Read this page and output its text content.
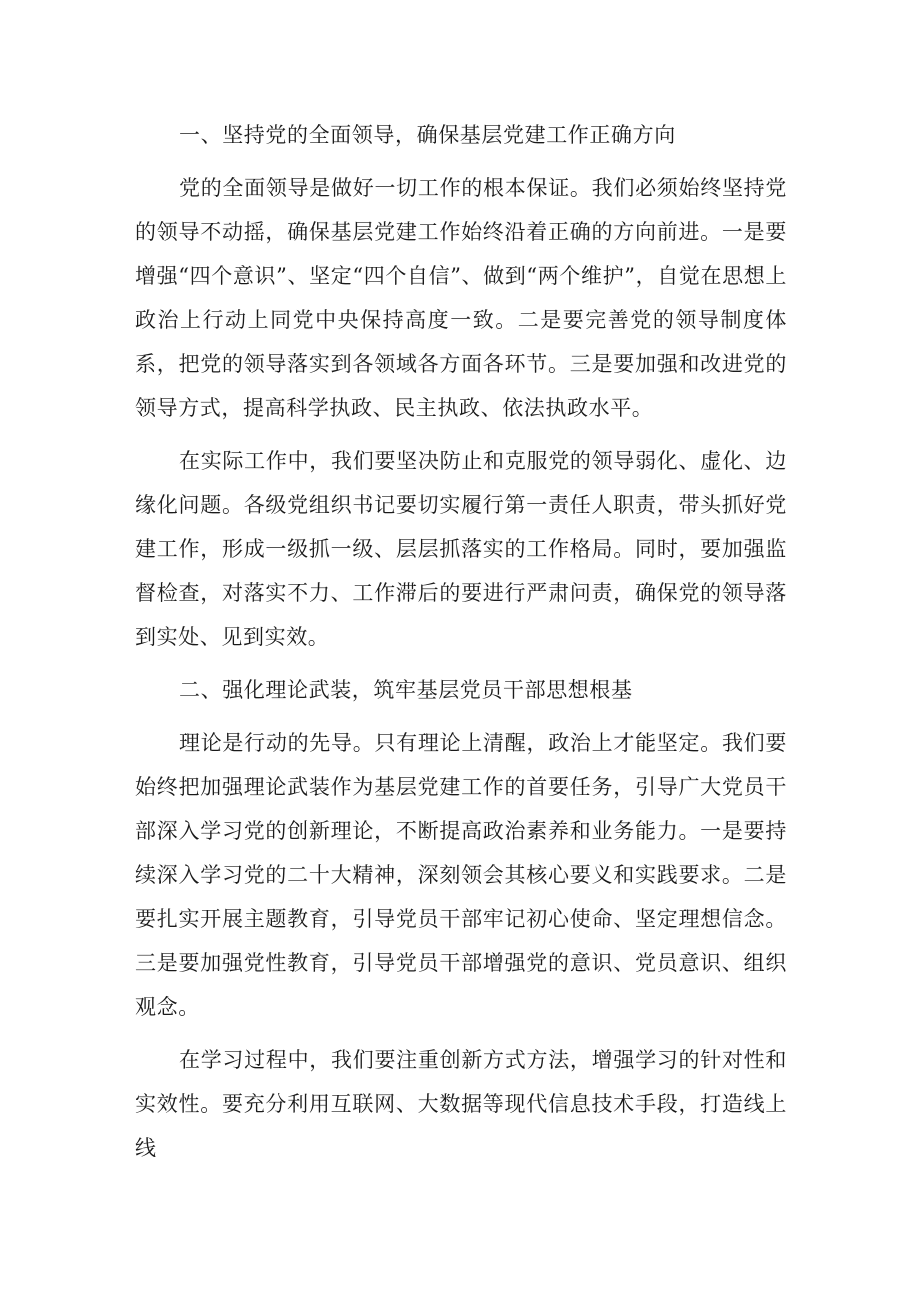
一、坚持党的全面领导，确保基层党建工作正确方向

党的全面领导是做好一切工作的根本保证。我们必须始终坚持党的领导不动摇，确保基层党建工作始终沿着正确的方向前进。一是要增强“四个意识”、坚定“四个自信”、做到“两个维护”，自觉在思想上政治上行动上同党中央保持高度一致。二是要完善党的领导制度体系，把党的领导落实到各领域各方面各环节。三是要加强和改进党的领导方式，提高科学执政、民主执政、依法执政水平。

在实际工作中，我们要坚决防止和克服党的领导弱化、虚化、边缘化问题。各级党组织书记要切实履行第一责任人职责，带头抓好党建工作，形成一级抓一级、层层抓落实的工作格局。同时，要加强监督检查，对落实不力、工作滞后的要进行严肃问责，确保党的领导落到实处、见到实效。

二、强化理论武装，筑牢基层党员干部思想根基

理论是行动的先导。只有理论上清醒，政治上才能坚定。我们要始终把加强理论武装作为基层党建工作的首要任务，引导广大党员干部深入学习党的创新理论，不断提高政治素养和业务能力。一是要持续深入学习党的二十大精神，深刻领会其核心要义和实践要求。二是要扎实开展主题教育，引导党员干部牢记初心使命、坚定理想信念。三是要加强党性教育，引导党员干部增强党的意识、党员意识、组织观念。

在学习过程中，我们要注重创新方式方法，增强学习的针对性和实效性。要充分利用互联网、大数据等现代信息技术手段，打造线上线
